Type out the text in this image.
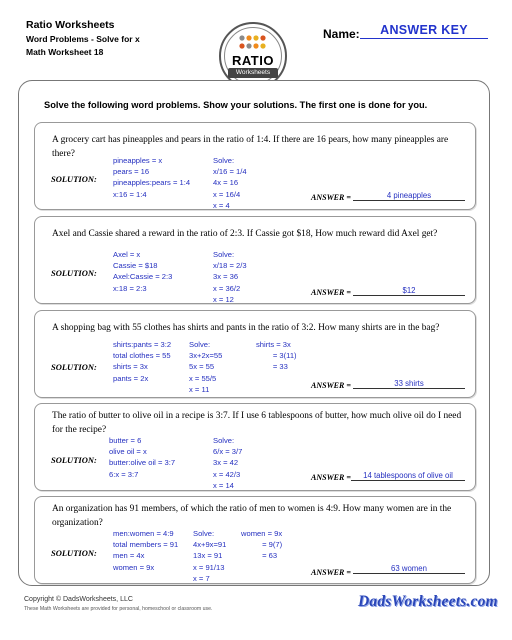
Ratio Worksheets
Word Problems - Solve for x
Math Worksheet 18
RATIO
Worksheets
Name:	ANSWER KEY
Solve the following word problems. Show your solutions. The first one is done for you.
A grocery cart has pineapples and pears in the ratio of 1:4. If there are 16 pears, how many pineapples are there?
SOLUTION:
pineapples = x
pears = 16
pineapples:pears = 1:4
x:16 = 1:4
Solve:
x/16 = 1/4
4x = 16
x = 16/4
x = 4
ANSWER =	4 pineapples
Axel and Cassie shared a reward in the ratio of 2:3. If Cassie got $18, How much reward did Axel get?
SOLUTION:
Axel = x
Cassie = $18
Axel:Cassie = 2:3
x:18 = 2:3
Solve:
x/18 = 2/3
3x = 36
x = 36/2
x = 12
ANSWER =	$12
A shopping bag with 55 clothes has shirts and pants in the ratio of 3:2. How many shirts are in the bag?
SOLUTION:
shirts:pants = 3:2
total clothes = 55
shirts = 3x
pants = 2x
Solve:
3x+2x=55
5x = 55
x = 55/5
x = 11
shirts = 3x
= 3(11)
= 33
ANSWER =	33 shirts
The ratio of butter to olive oil in a recipe is 3:7. If I use 6 tablespoons of butter, how much olive oil do I need for the recipe?
SOLUTION:
butter = 6
olive oil = x
butter:olive oil = 3:7
6:x = 3:7
Solve:
6/x = 3/7
3x = 42
x = 42/3
x = 14
ANSWER =	14 tablespoons of olive oil
An organization has 91 members, of which the ratio of men to women is 4:9. How many women are in the organization?
SOLUTION:
men:women = 4:9
total members = 91
men = 4x
women = 9x
Solve:
4x+9x=91
13x = 91
x = 91/13
x = 7
women = 9x
= 9(7)
= 63
ANSWER =	63 women
Copyright © DadsWorksheets, LLC
These Math Worksheets are provided for personal, homeschool or classroom use.	DadsWorksheets.com
